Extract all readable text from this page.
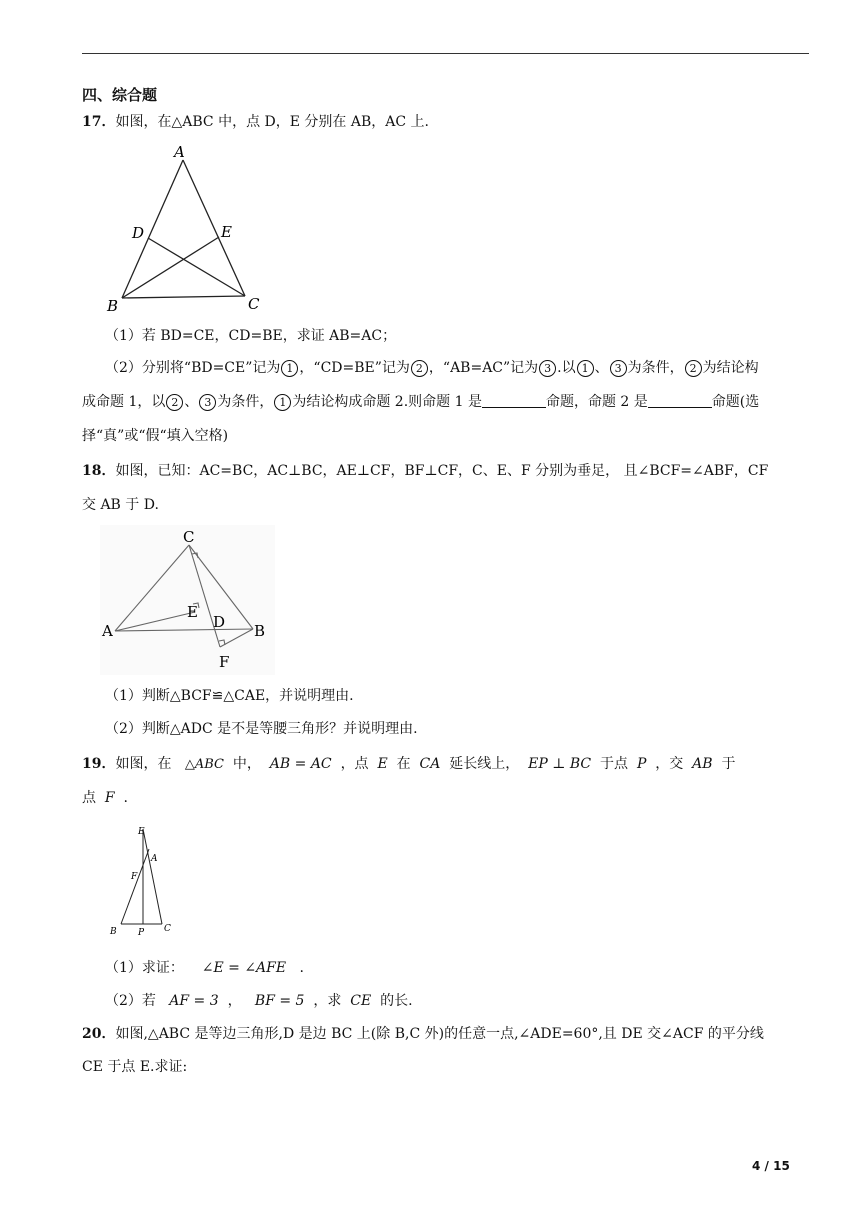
四、综合题
17．如图，在△ABC 中，点 D，E 分别在 AB，AC 上.
A
D	E
B	C
（1）若 BD=CE，CD=BE，求证 AB=AC；
（2）分别将“BD=CE”记为 1 ，“CD=BE”记为 2 ，“AB=AC”记为 3 .以 1 、 3 为条件， 2 为结论构
成命题 1，以 2 、 3 为条件， 1 为结论构成命题 2.则命题 1 是	命题，命题 2 是	命题(选
择“真”或“假“填入空格)
18．如图，已知：AC=BC，AC⊥BC，AE⊥CF，BF⊥CF，C、E、F 分别为垂足， 且∠BCF=∠ABF，CF
交 AB 于 D.
C
E
D
A	B
F
（1）判断△BCF≌△CAE，并说明理由.
（2）判断△ADC 是不是等腰三角形？并说明理由.
19．如图，在 △ABC 中， AB = AC ，点 E 在 CA 延长线上， EP ⊥ BC 于点 P ，交 AB 于
点 F .
E
A
F
B P C
（1）求证： ∠E = ∠AFE .
（2）若 AF = 3 ， BF = 5 ，求 CE 的长.
20．如图,△ABC 是等边三角形,D 是边 BC 上(除 B,C 外)的任意一点,∠ADE=60°,且 DE 交∠ACF 的平分线
CE 于点 E.求证:
4 / 15
